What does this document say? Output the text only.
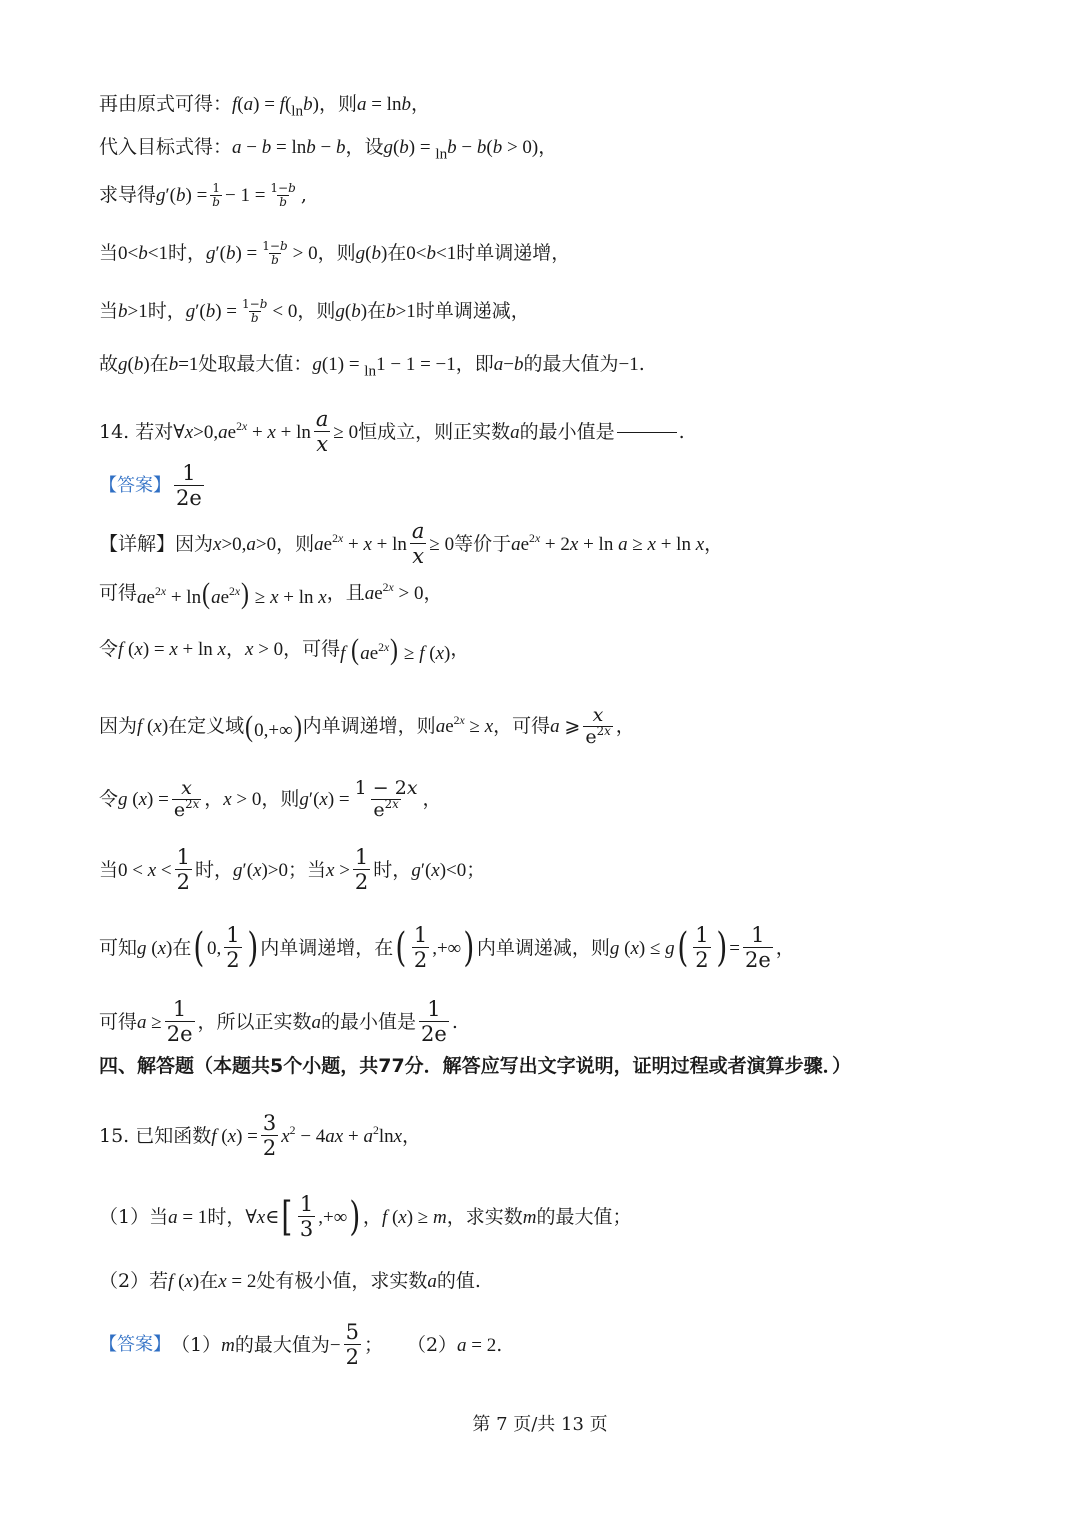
再由原式可得： $f(a) = f(_{ln}b)$ ，则 a = lnb ，
代入目标式得： a − b = lnb − b ，设 g(b) = $_{ln}$b − b(b > 0) ，
求导得 $g'(b) = \frac{1}{b} - 1 = \frac{1-b}{b}$ ,
当 0<b<1 时， $g'(b) = \frac{1-b}{b} > 0$ ，则 g(b) 在 0<b<1 时单调递增，
当 b>1 时， $g'(b) = \frac{1-b}{b} < 0$ ，则 g(b) 在 b>1 时单调递减，
故 g(b) 在 b=1 处取最大值： g(1) = $_{ln}$1 − 1 = −1 ，即 a−b 的最大值为 −1 .
14. 若对 $\forall x>0,ae^{2x} + x + \ln \frac{a}{x} \ge 0$ 恒成立，则正实数 a 的最小值是	.
【答案】 $\frac{1}{2e}$
【详解】因为 x>0,a>0 ，则 $ae^{2x} + x + \ln \frac{a}{x} \ge 0$ 等价于 $ae^{2x} + 2x + \ln a \ge x + \ln x$ ，
可得 $ae^{2x} + \ln(ae^{2x}) \ge x + \ln x$ ，且 $ae^{2x} > 0$ ，
令 f (x) = x + ln x ， x > 0 ，可得 f $(ae^{2x}) \ge f$ (x) ，
因为 f (x) 在定义域 (0,+∞) 内单调递增，则 $ae^{2x} \ge x$ ，可得 a ⩾ $\frac{x}{e^{2x}}$ ，
令 g $(x) = \frac{x}{e^{2x}}$ ， x > 0 ，则 $g'(x) = \frac{1 - 2x}{e^{2x}}$ ，
当 $0 < x < \frac{1}{2}$ 时， g′(x)>0 ；当 $x > \frac{1}{2}$ 时， g′(x)<0 ；
可知 g (x) 在 ( 0, $\frac{1}{2}$ ) 内单调递增，在 ( $\frac{1}{2}$ ,+∞ ) 内单调递减，则 g (x) ≤ g ( $\frac{1}{2}$ ) = $\frac{1}{2e}$ ，
可得 $a \ge \frac{1}{2e}$ ，所以正实数 a 的最小值是 $\frac{1}{2e}$ .
四、解答题（本题共5个小题，共77分．解答应写出文字说明，证明过程或者演算步骤．）
15. 已知函数 f $(x) = \frac{3}{2} x^2 - 4ax + a^2\ln x$ ，
（1）当 a = 1 时， ∀x∈ [ $\frac{1}{3}$ ,+∞ ) ， f (x) ≥ m ，求实数 m 的最大值；
（2）若 f (x) 在 x = 2 处有极小值，求实数 a 的值.
【答案】 （1） m 的最大值为 − $\frac{5}{2}$ ； （2） a = 2 .
第 7 页/共 13 页
